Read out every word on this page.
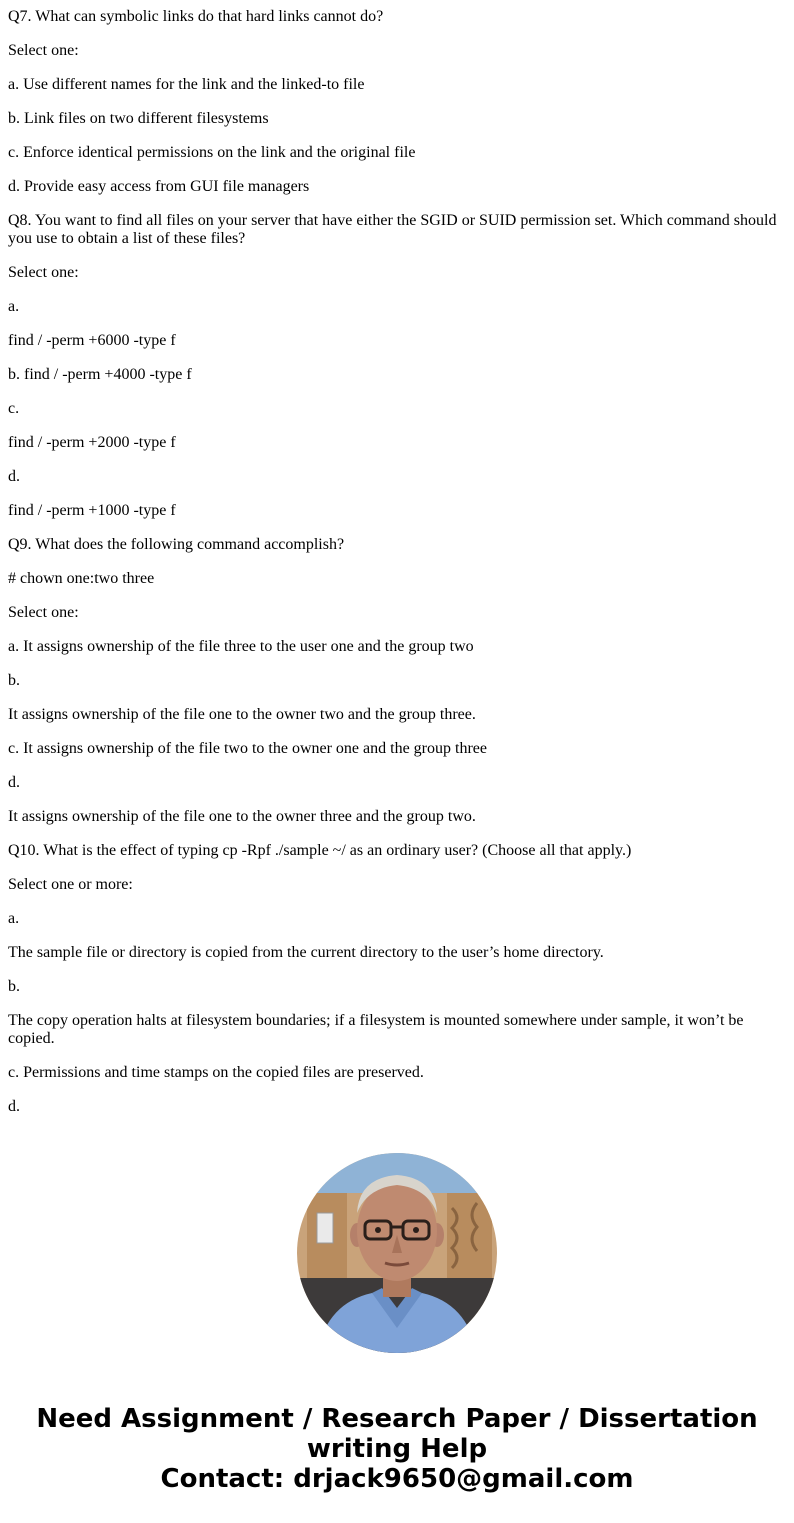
Q7. What can symbolic links do that hard links cannot do?

Select one:

a. Use different names for the link and the linked-to file

b. Link files on two different filesystems

c. Enforce identical permissions on the link and the original file

d. Provide easy access from GUI file managers

Q8. You want to find all files on your server that have either the SGID or SUID permission set. Which command should you use to obtain a list of these files?

Select one:

a.

find / -perm +6000 -type f

b. find / -perm +4000 -type f

c.

find / -perm +2000 -type f

d.

find / -perm +1000 -type f

Q9. What does the following command accomplish?

# chown one:two three

Select one:

a. It assigns ownership of the file three to the user one and the group two

b.

It assigns ownership of the file one to the owner two and the group three.

c. It assigns ownership of the file two to the owner one and the group three

d.

It assigns ownership of the file one to the owner three and the group two.

Q10. What is the effect of typing cp -Rpf ./sample ~/ as an ordinary user? (Choose all that apply.)

Select one or more:

a.

The sample file or directory is copied from the current directory to the user’s home directory.

b.

The copy operation halts at filesystem boundaries; if a filesystem is mounted somewhere under sample, it won’t be copied.

c. Permissions and time stamps on the copied files are preserved.

d.

Need Assignment / Research Paper / Dissertation
writing Help
Contact: drjack9650@gmail.com
